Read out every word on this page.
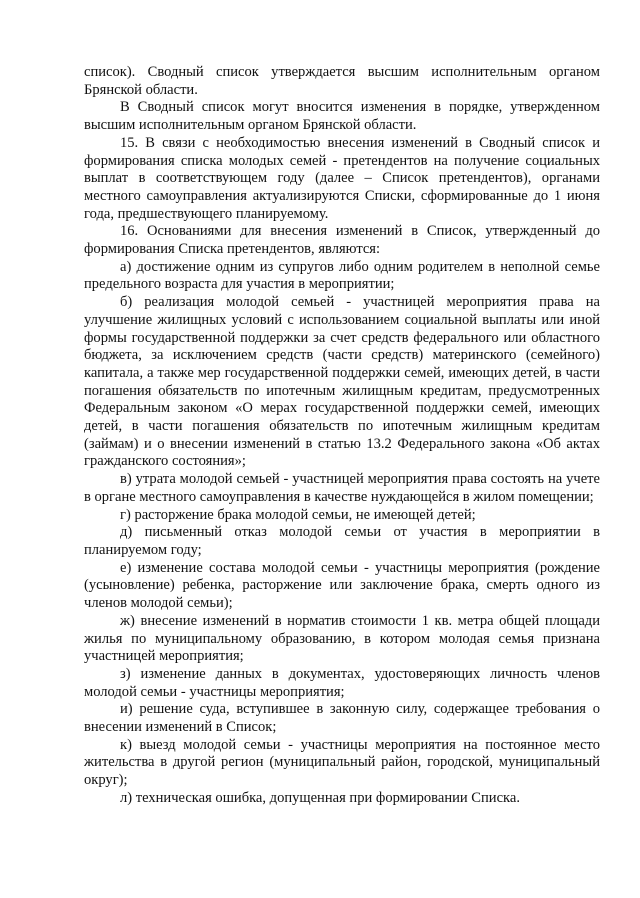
список). Сводный список утверждается высшим исполнительным органом Брянской области.

В Сводный список могут вносится изменения в порядке, утвержденном высшим исполнительным органом Брянской области.

15. В связи с необходимостью внесения изменений в Сводный список и формирования списка молодых семей - претендентов на получение социальных выплат в соответствующем году (далее – Список претендентов), органами местного самоуправления актуализируются Списки, сформированные до 1 июня года, предшествующего планируемому.

16. Основаниями для внесения изменений в Список, утвержденный до формирования Списка претендентов, являются:

а) достижение одним из супругов либо одним родителем в неполной семье предельного возраста для участия в мероприятии;

б) реализация молодой семьей - участницей мероприятия права на улучшение жилищных условий с использованием социальной выплаты или иной формы государственной поддержки за счет средств федерального или областного бюджета, за исключением средств (части средств) материнского (семейного) капитала, а также мер государственной поддержки семей, имеющих детей, в части погашения обязательств по ипотечным жилищным кредитам, предусмотренных Федеральным законом «О мерах государственной поддержки семей, имеющих детей, в части погашения обязательств по ипотечным жилищным кредитам (займам) и о внесении изменений в статью 13.2 Федерального закона «Об актах гражданского состояния»;

в) утрата молодой семьей - участницей мероприятия права состоять на учете в органе местного самоуправления в качестве нуждающейся в жилом помещении;

г) расторжение брака молодой семьи, не имеющей детей;

д) письменный отказ молодой семьи от участия в мероприятии в планируемом году;

е) изменение состава молодой семьи - участницы мероприятия (рождение (усыновление) ребенка, расторжение или заключение брака, смерть одного из членов молодой семьи);

ж) внесение изменений в норматив стоимости 1 кв. метра общей площади жилья по муниципальному образованию, в котором молодая семья признана участницей мероприятия;

з) изменение данных в документах, удостоверяющих личность членов молодой семьи - участницы мероприятия;

и) решение суда, вступившее в законную силу, содержащее требования о внесении изменений в Список;

к) выезд молодой семьи - участницы мероприятия на постоянное место жительства в другой регион (муниципальный район, городской, муниципальный округ);

л) техническая ошибка, допущенная при формировании Списка.
